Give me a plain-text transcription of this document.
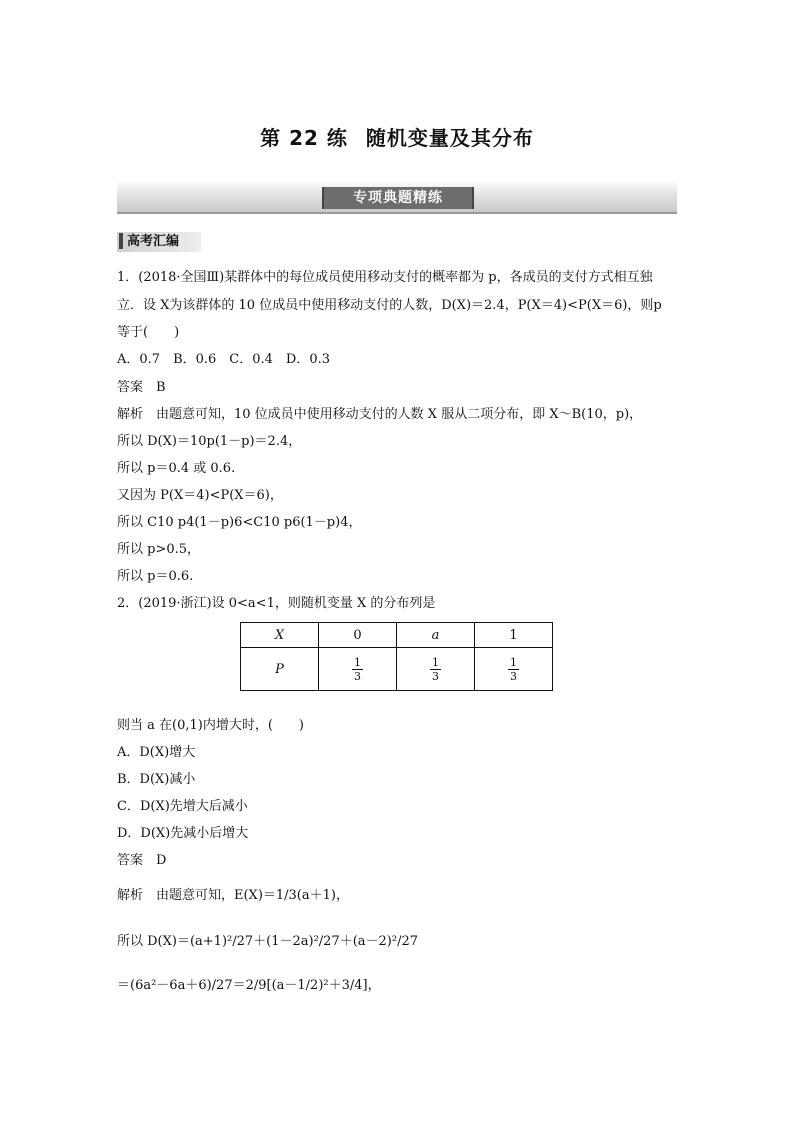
第 22 练 随机变量及其分布
专项典题精练
高考汇编
1．(2018·全国Ⅲ)某群体中的每位成员使用移动支付的概率都为 p，各成员的支付方式相互独
立．设 X为该群体的 10 位成员中使用移动支付的人数，D(X)＝2.4，P(X＝4)<P(X＝6)，则p
等于(　　)
A．0.7　B．0.6　C．0.4　D．0.3
答案　B
解析　由题意可知，10 位成员中使用移动支付的人数 X 服从二项分布，即 X～B(10，p)，
所以 D(X)＝10p(1－p)＝2.4，
所以 p＝0.4 或 0.6.
又因为 P(X＝4)<P(X＝6)，
所以 C10 p4(1－p)6<C10 p6(1－p)4，
所以 p>0.5，
所以 p＝0.6.
2．(2019·浙江)设 0<a<1，则随机变量 X 的分布列是
X	0	a	1
P	$\frac{1}{3}$	$\frac{1}{3}$	$\frac{1}{3}$
则当 a 在(0,1)内增大时，(　　)
A．D(X)增大
B．D(X)减小
C．D(X)先增大后减小
D．D(X)先减小后增大
答案　D
解析　由题意可知，E(X)＝1/3(a＋1)，
所以 D(X)＝(a+1)²/27＋(1－2a)²/27＋(a－2)²/27
＝(6a²－6a＋6)/27＝2/9[(a－1/2)²＋3/4]，
